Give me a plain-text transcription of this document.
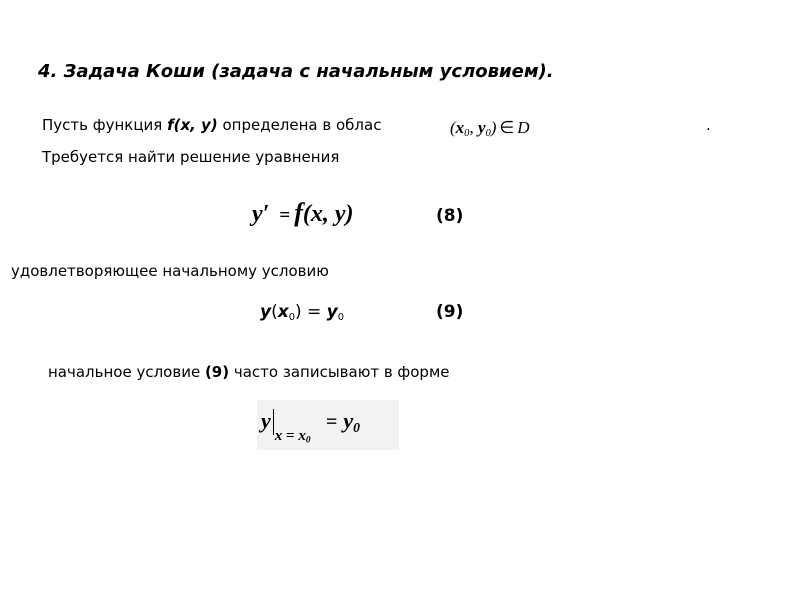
4. Задача Коши (задача с начальным условием).
Пусть функция f(x, y) определена в облас	($x_0$, $y_0$) ∈ D	.
Требуется найти решение уравнения
y′ = f(x, y)	(8)
удовлетворяющее начальному условию
y(x0) = y0	(9)
начальное условие (9) часто записывают в форме
$y_{x = x_0} = y_0$
